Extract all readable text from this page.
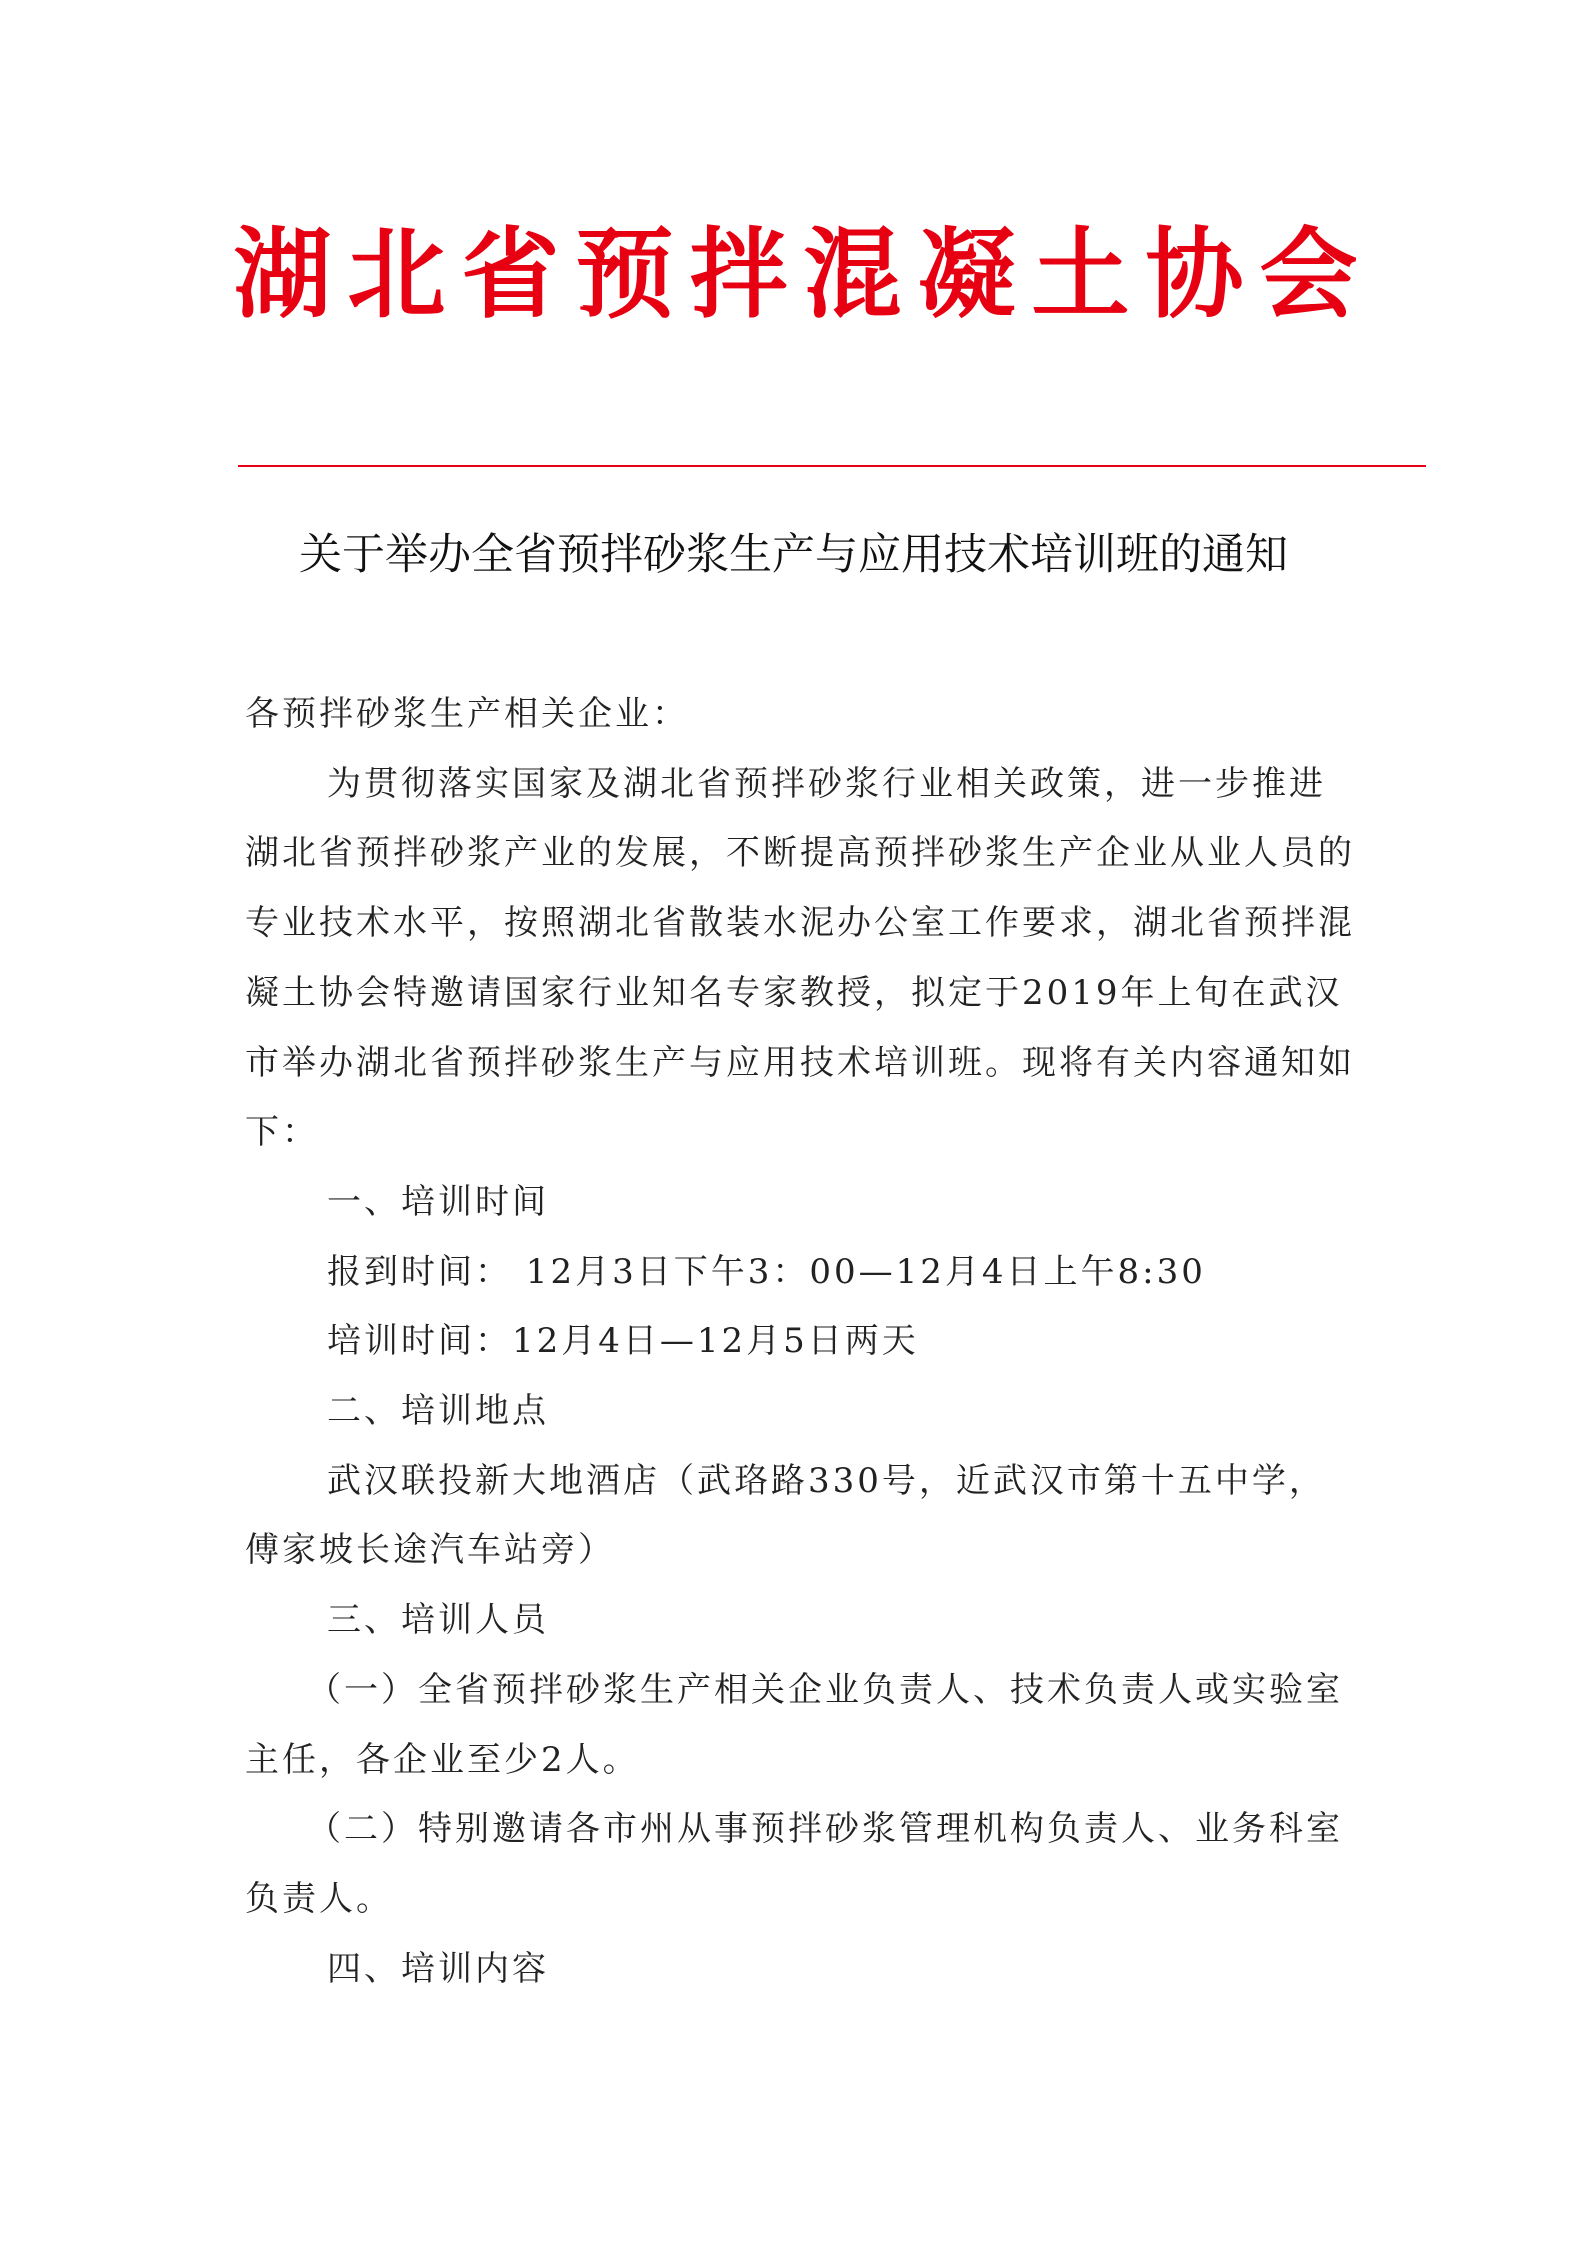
湖北省预拌混凝土协会
关于举办全省预拌砂浆生产与应用技术培训班的通知

各预拌砂浆生产相关企业：

为贯彻落实国家及湖北省预拌砂浆行业相关政策，进一步推进湖北省预拌砂浆产业的发展，不断提高预拌砂浆生产企业从业人员的专业技术水平，按照湖北省散装水泥办公室工作要求，湖北省预拌混凝土协会特邀请国家行业知名专家教授，拟定于2019年上旬在武汉市举办湖北省预拌砂浆生产与应用技术培训班。现将有关内容通知如下：

一、培训时间

报到时间： 12月3日下午3：00—12月4日上午8:30

培训时间：12月4日—12月5日两天

二、培训地点

武汉联投新大地酒店（武珞路330号，近武汉市第十五中学，傅家坡长途汽车站旁）

三、培训人员

（一）全省预拌砂浆生产相关企业负责人、技术负责人或实验室主任，各企业至少2人。

（二）特别邀请各市州从事预拌砂浆管理机构负责人、业务科室负责人。

四、培训内容
